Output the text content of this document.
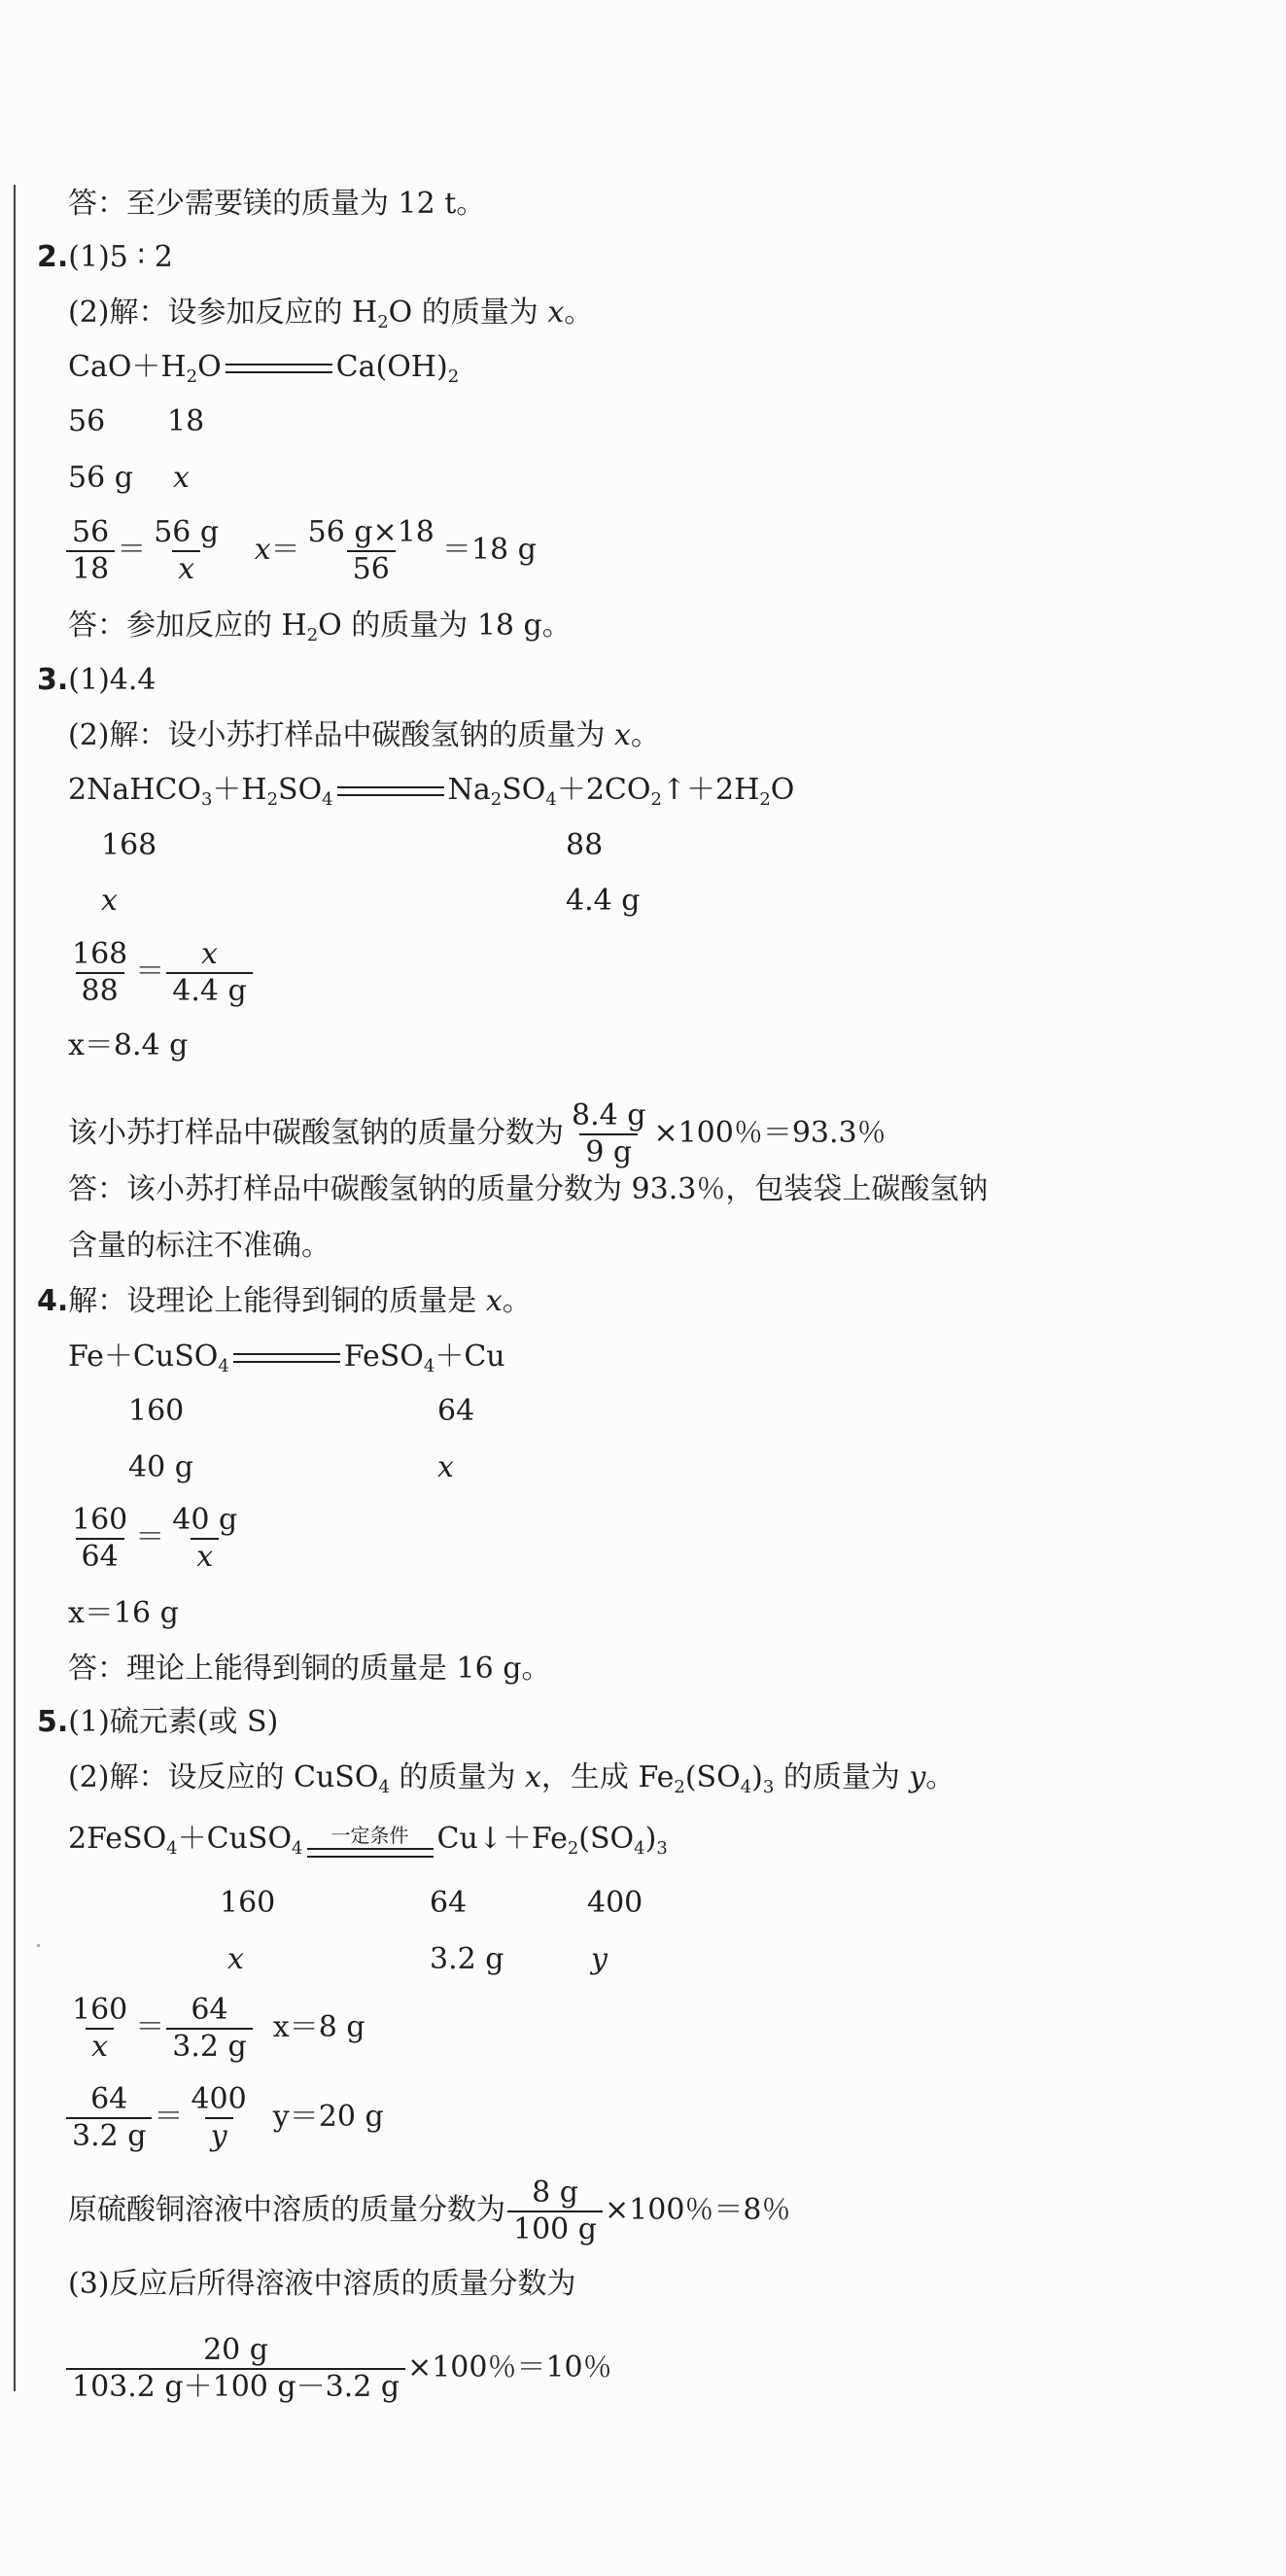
答：至少需要镁的质量为 12 t。
2.(1)5 ∶ 2
(2)解：设参加反应的 $H_2O$ 的质量为 x。
$CaO+H_2O$	$Ca(OH)_2$
56 18
56 g x
$\frac{56}{18} = \frac{56 g}{x} x= \frac{56 g\times 18}{56} =18$ g
答：参加反应的 $H_2O$ 的质量为 18 g。
3.(1)4.4
(2)解：设小苏打样品中碳酸氢钠的质量为 x。
$2NaHCO_3+H_2SO_4$	$Na_2SO_4+2CO_2↑+2H_2O$
168	88
x	4.4 g
$\frac{168}{88} = \frac{x}{4.4 g}$
x＝8.4 g
该小苏打样品中碳酸氢钠的质量分数为 $\frac{8.4 g}{9 g} \times 100$％＝93.3％
答：该小苏打样品中碳酸氢钠的质量分数为 93.3％，包装袋上碳酸氢钠
含量的标注不准确。
4.解：设理论上能得到铜的质量是 x。
Fe＋CuSO$_4$	FeSO$_4$＋Cu
160	64
40 g	x
$\frac{160}{64} = \frac{40 g}{x}$
x＝16 g
答：理论上能得到铜的质量是 16 g。
5.(1)硫元素(或 S)
(2)解：设反应的 CuSO$_4$ 的质量为 x，生成 $Fe_2(SO_4)_3$ 的质量为 y。
2FeSO$_4$＋CuSO$_4$
一定条件 $Cu↓+Fe_2(SO_4)_3$
160	64	400
x	3.2 g	y
$\frac{160}{x} = \frac{64}{3.2 g} x=8$ g
$\frac{64}{3.2 g} = \frac{400}{y} y=20$ g
原硫酸铜溶液中溶质的质量分数为 $\frac{8 g}{100 g} \times 100$％＝8％
(3)反应后所得溶液中溶质的质量分数为
$\frac{20 g}{103.2 g+100 g-3.2 g} \times 100$％＝10％
